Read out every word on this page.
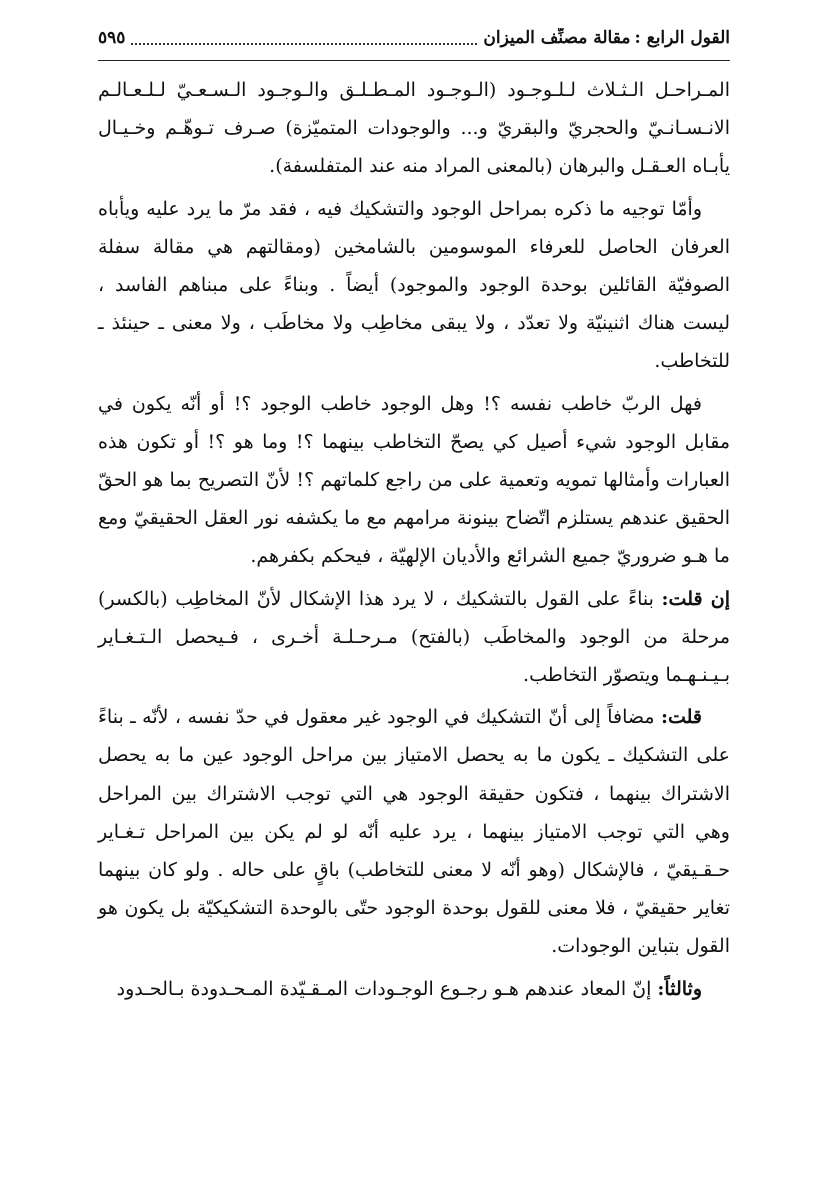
القول الرابع :
مقالة مصنِّف الميزان
٥٩٥

المـراحـل الـثـلاث لـلـوجـود (الـوجـود المـطـلـق والـوجـود الـسـعـيّ لـلـعـالـم الانـسـانـيّ والحجريّ والبقريّ و... والوجودات المتميّزة) صـرف تـوهّـم وخـيـال يأبـاه العـقـل والبرهان (بالمعنى المراد منه عند المتفلسفة).

وأمّا توجيه ما ذكره بمراحل الوجود والتشكيك فيه ، فقد مرّ ما يرد عليه ويأباه العرفان الحاصل للعرفاء الموسومين بالشامخين (ومقالتهم هي مقالة سفلة الصوفيّة القائلين بوحدة الوجود والموجود) أيضاً . وبناءً على مبناهم الفاسد ، ليست هناك اثنينيّة ولا تعدّد ، ولا يبقى مخاطِب ولا مخاطَب ، ولا معنى ـ حينئذ ـ للتخاطب.

فهل الربّ خاطب نفسه ؟! وهل الوجود خاطب الوجود ؟! أو أنّه يكون في مقابل الوجود شيء أصيل كي يصحّ التخاطب بينهما ؟! وما هو ؟! أو تكون هذه العبارات وأمثالها تمويه وتعمية على من راجع كلماتهم ؟! لأنّ التصريح بما هو الحقّ الحقيق عندهم يستلزم اتّضاح بينونة مرامهم مع ما يكشفه نور العقل الحقيقيّ ومع ما هـو ضروريّ جميع الشرائع والأديان الإلهيّة ، فيحكم بكفرهم.

إن قلت: بناءً على القول بالتشكيك ، لا يرد هذا الإشكال لأنّ المخاطِب (بالكسر) مرحلة من الوجود والمخاطَب (بالفتح) مـرحـلـة أخـرى ، فـيحصل الـتـغـاير بـيـنـهـما ويتصوّر التخاطب.

قلت: مضافاً إلى أنّ التشكيك في الوجود غير معقول في حدّ نفسه ، لأنّه ـ بناءً على التشكيك ـ يكون ما به يحصل الامتياز بين مراحل الوجود عين ما به يحصل الاشتراك بينهما ، فتكون حقيقة الوجود هي التي توجب الاشتراك بين المراحل وهي التي توجب الامتياز بينهما ، يرد عليه أنّه لو لم يكن بين المراحل تـغـاير حـقـيقيّ ، فالإشكال (وهو أنّه لا معنى للتخاطب) باقٍ على حاله . ولو كان بينهما تغاير حقيقيّ ، فلا معنى للقول بوحدة الوجود حتّى بالوحدة التشكيكيّة بل يكون هو القول بتباين الوجودات.

وثالثاً: إنّ المعاد عندهم هـو رجـوع الوجـودات المـقـيّدة المـحـدودة بـالحـدود
